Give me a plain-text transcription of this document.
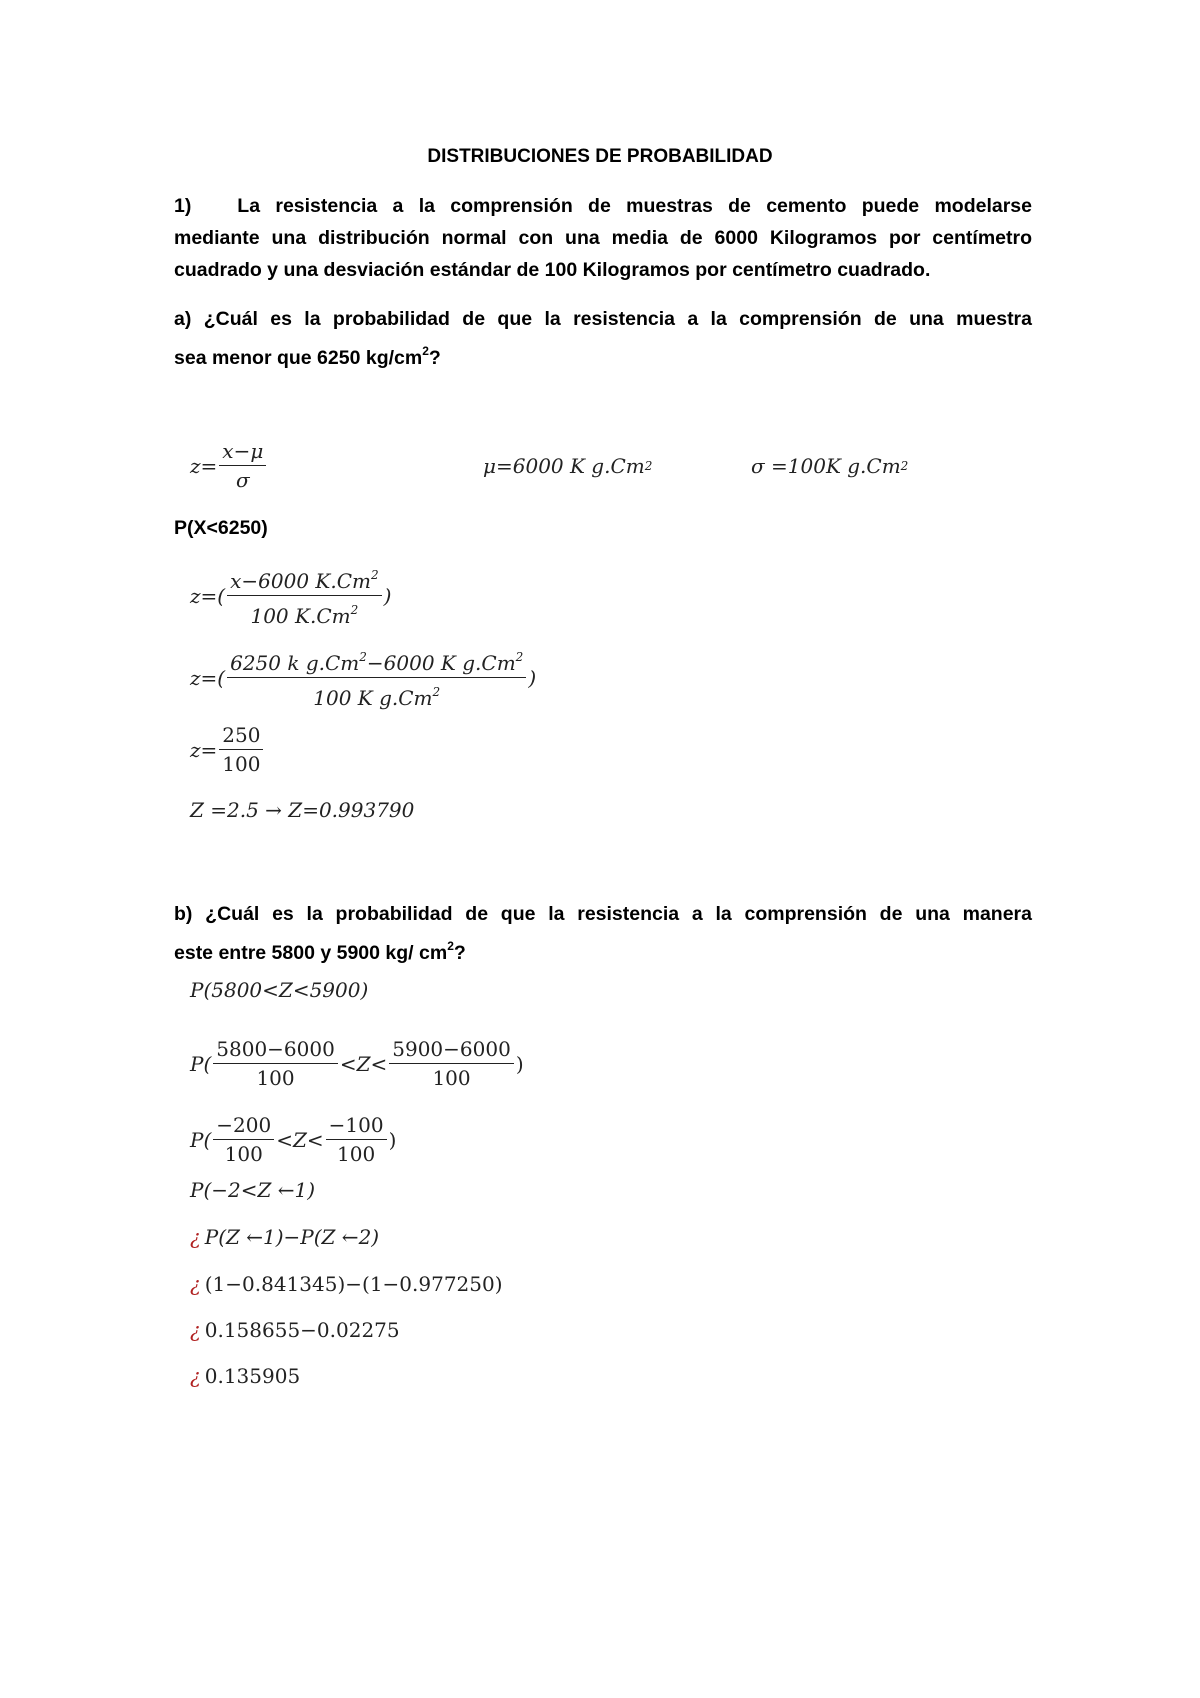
DISTRIBUCIONES DE PROBABILIDAD
1) La resistencia a la comprensión de muestras de cemento puede modelarse
mediante una distribución normal con una media de 6000 Kilogramos por centímetro
cuadrado y una desviación estándar de 100 Kilogramos por centímetro cuadrado.
a) ¿Cuál es la probabilidad de que la resistencia a la comprensión de una muestra
sea menor que 6250 $kg/cm^2$?
$z= \frac{x-\mu}{\sigma}$	μ=6000 K g.Cm 2	σ =100K g.Cm 2
P(X<6250)
$z=( \frac{x-6000 K.Cm^2}{100 K.Cm^2}$ )
$z=( \frac{6250 k g.Cm^2-6000 K g.Cm^2}{100 K g.Cm^2}$ )
$z= \frac{250}{100}$
Z =2.5 → Z=0.993790
b) ¿Cuál es la probabilidad de que la resistencia a la comprensión de una manera
este entre 5800 y 5900 kg/ $cm^2$?
P(5800<Z<5900)
$P( \frac{5800-6000}{100} <Z< \frac{5900-6000}{100}$ )
$P( \frac{-200}{100} <Z< \frac{-100}{100}$ )
P(−2<Z ←1)
¿ P(Z ←1)−P(Z ←2)
¿ (1−0.841345)−(1−0.977250)
¿ 0.158655−0.02275
¿ 0.135905
